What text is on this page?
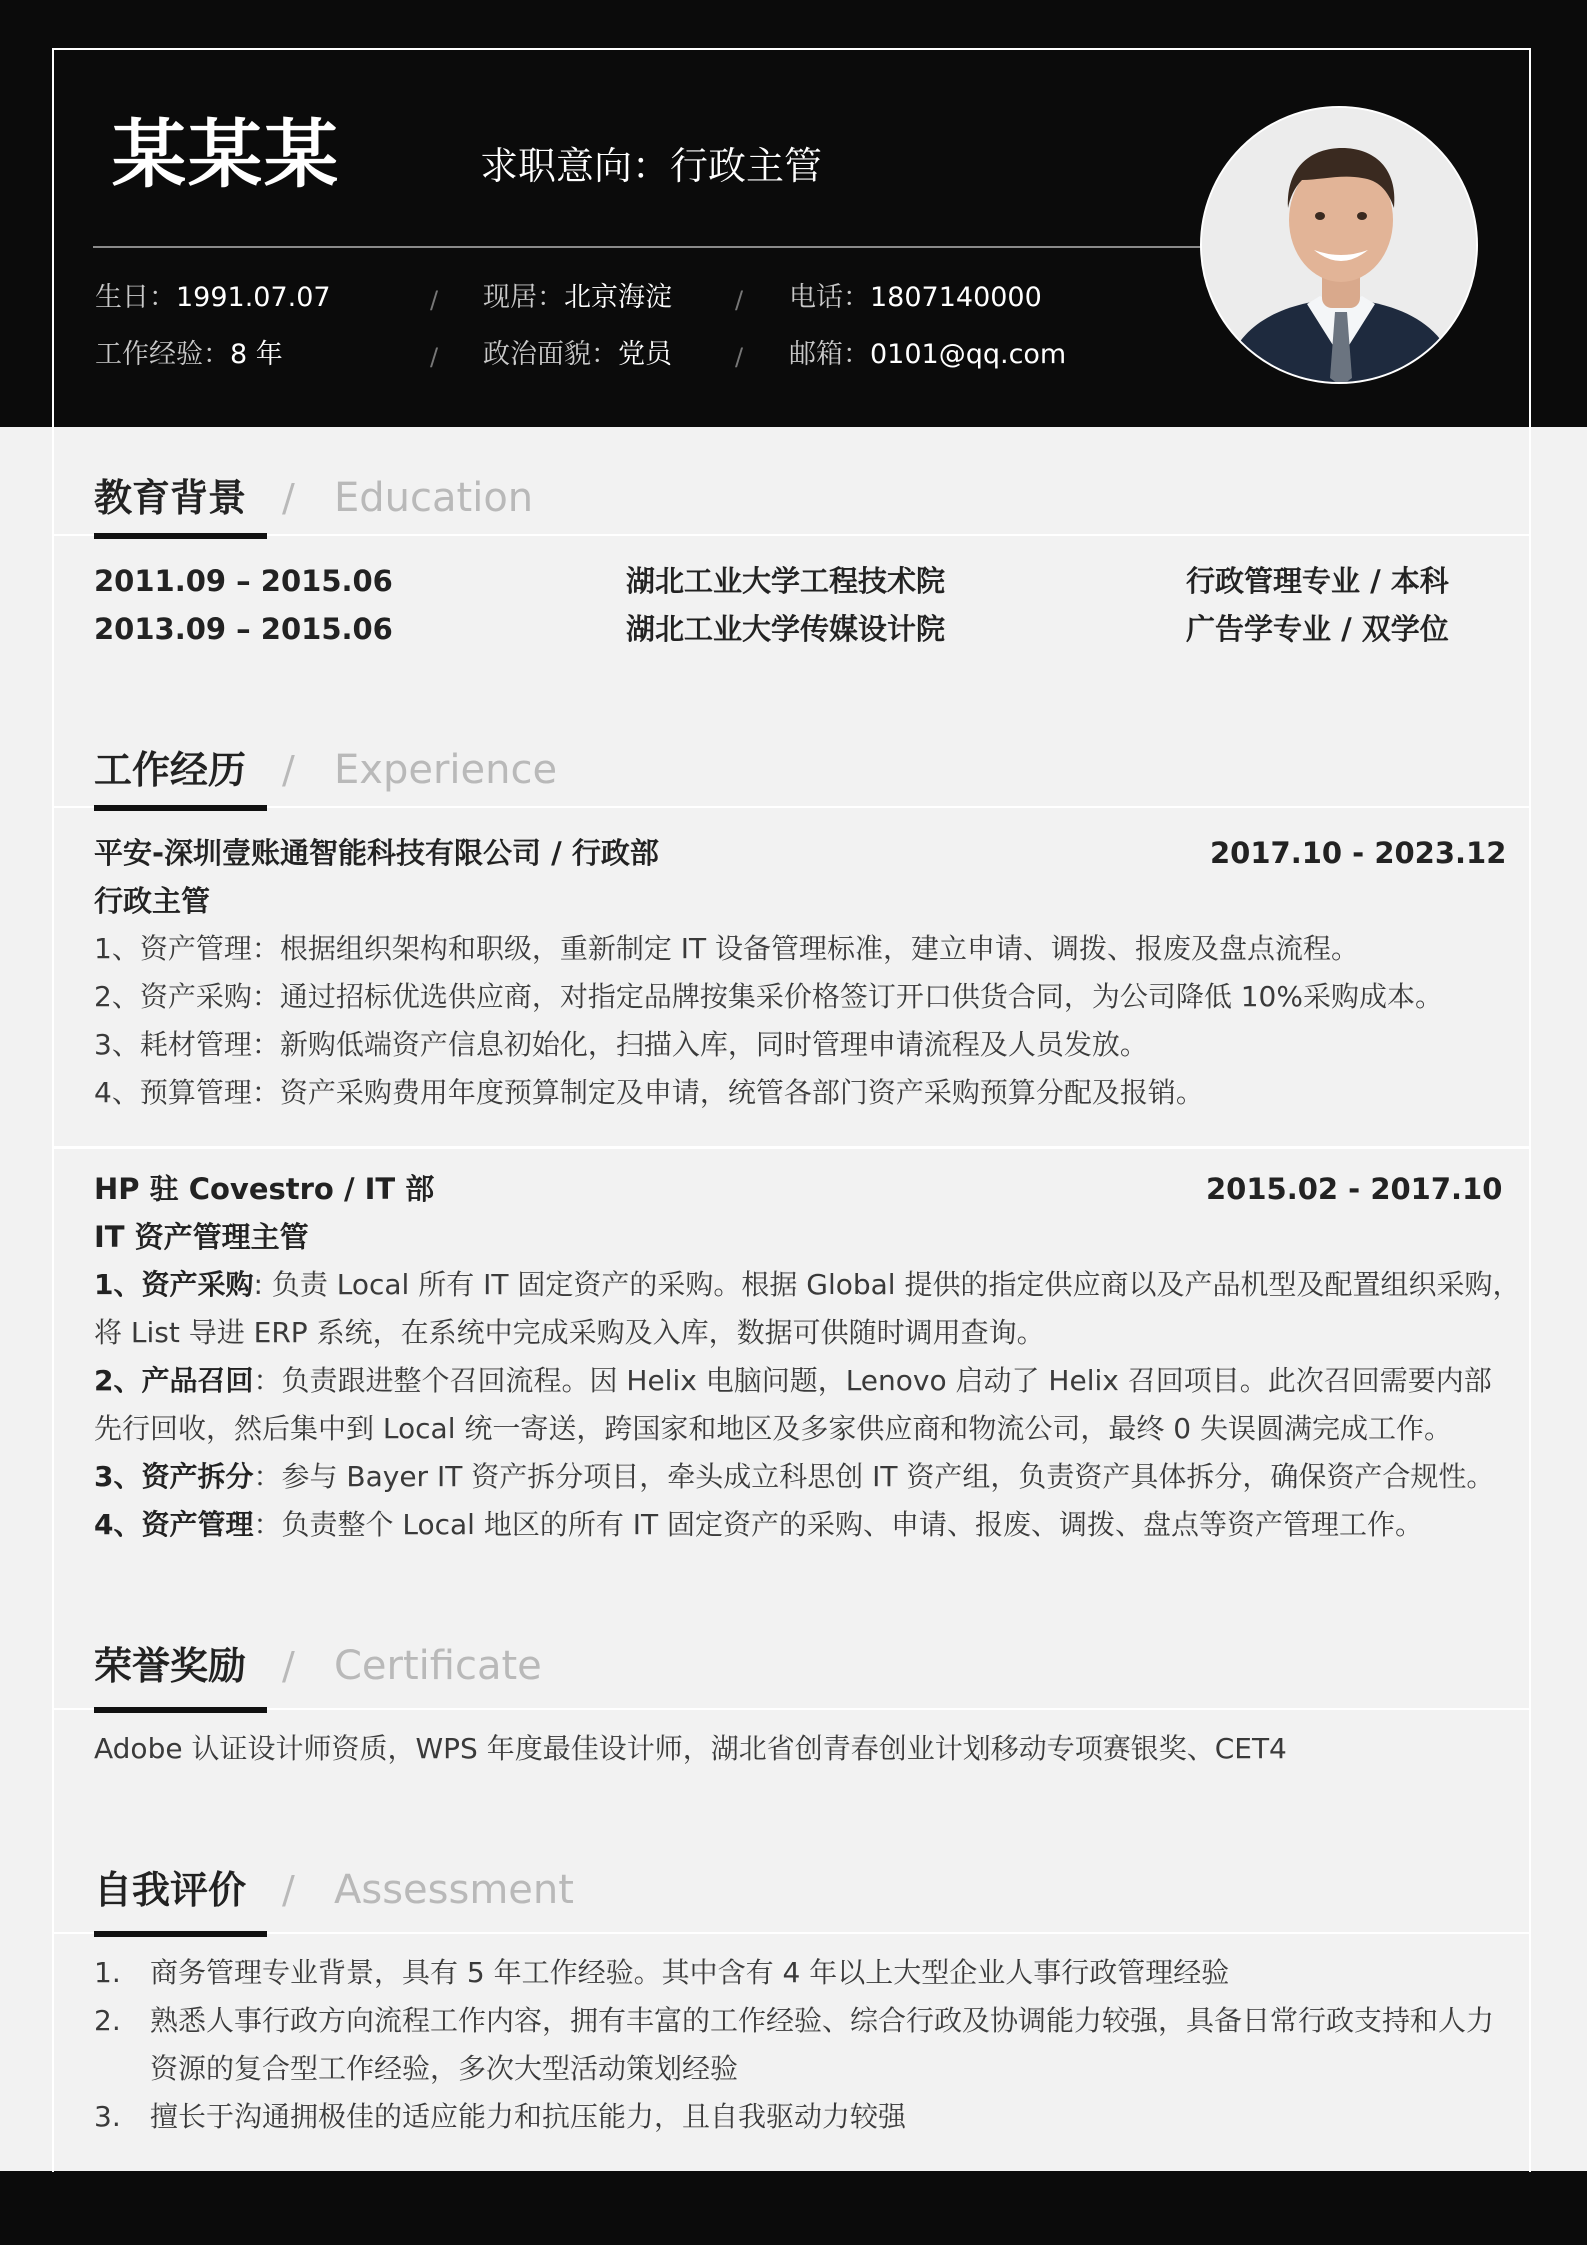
某某某	求职意向：行政主管
生日：1991.07.07	/ 现居：北京海淀	/ 电话：1807140000
工作经验：8 年	/ 政治面貌：党员	/ 邮箱：0101@qq.com
教育背景 / Education
2011.09 – 2015.06	湖北工业大学工程技术院	行政管理专业 / 本科
2013.09 – 2015.06	湖北工业大学传媒设计院	广告学专业 / 双学位
工作经历 / Experience
平安-深圳壹账通智能科技有限公司 / 行政部	2017.10 - 2023.12
行政主管
1、资产管理：根据组织架构和职级，重新制定 IT 设备管理标准，建立申请、调拨、报废及盘点流程。
2、资产采购：通过招标优选供应商，对指定品牌按集采价格签订开口供货合同，为公司降低 10%采购成本。
3、耗材管理：新购低端资产信息初始化，扫描入库，同时管理申请流程及人员发放。
4、预算管理：资产采购费用年度预算制定及申请，统管各部门资产采购预算分配及报销。
HP 驻 Covestro / IT 部	2015.02 - 2017.10
IT 资产管理主管
1、资产采购: 负责 Local 所有 IT 固定资产的采购。根据 Global 提供的指定供应商以及产品机型及配置组织采购，
将 List 导进 ERP 系统，在系统中完成采购及入库，数据可供随时调用查询。
2、产品召回：负责跟进整个召回流程。因 Helix 电脑问题，Lenovo 启动了 Helix 召回项目。此次召回需要内部
先行回收，然后集中到 Local 统一寄送，跨国家和地区及多家供应商和物流公司，最终 0 失误圆满完成工作。
3、资产拆分：参与 Bayer IT 资产拆分项目，牵头成立科思创 IT 资产组，负责资产具体拆分，确保资产合规性。
4、资产管理：负责整个 Local 地区的所有 IT 固定资产的采购、申请、报废、调拨、盘点等资产管理工作。
荣誉奖励 / Certificate
Adobe 认证设计师资质，WPS 年度最佳设计师，湖北省创青春创业计划移动专项赛银奖、CET4
自我评价 / Assessment
1. 商务管理专业背景，具有 5 年工作经验。其中含有 4 年以上大型企业人事行政管理经验
2. 熟悉人事行政方向流程工作内容，拥有丰富的工作经验、综合行政及协调能力较强，具备日常行政支持和人力
资源的复合型工作经验，多次大型活动策划经验
3. 擅长于沟通拥极佳的适应能力和抗压能力，且自我驱动力较强
